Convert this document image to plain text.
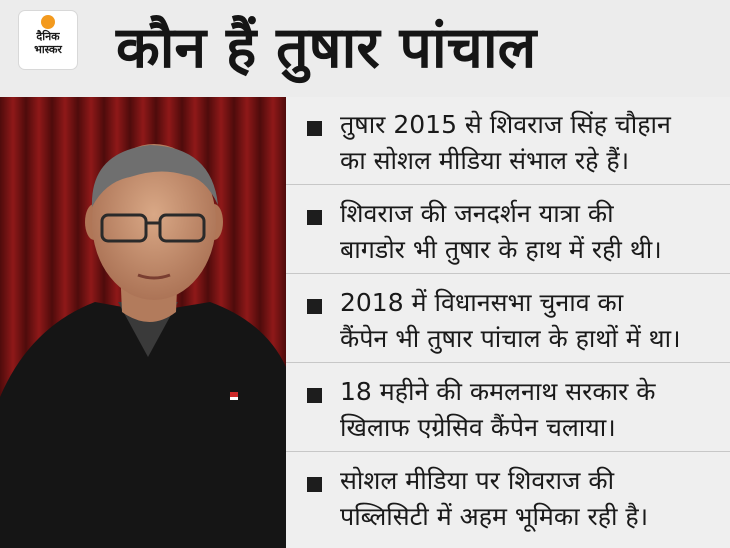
दैनिक
भास्कर कौन हैं तुषार पांचाल
तुषार 2015 से शिवराज सिंह चौहान
का सोशल मीडिया संभाल रहे हैं।
शिवराज की जनदर्शन यात्रा की
बागडोर भी तुषार के हाथ में रही थी।
2018 में विधानसभा चुनाव का
कैंपेन भी तुषार पांचाल के हाथों में था।
18 महीने की कमलनाथ सरकार के
खिलाफ एग्रेसिव कैंपेन चलाया।
सोशल मीडिया पर शिवराज की
पब्लिसिटी में अहम भूमिका रही है।
